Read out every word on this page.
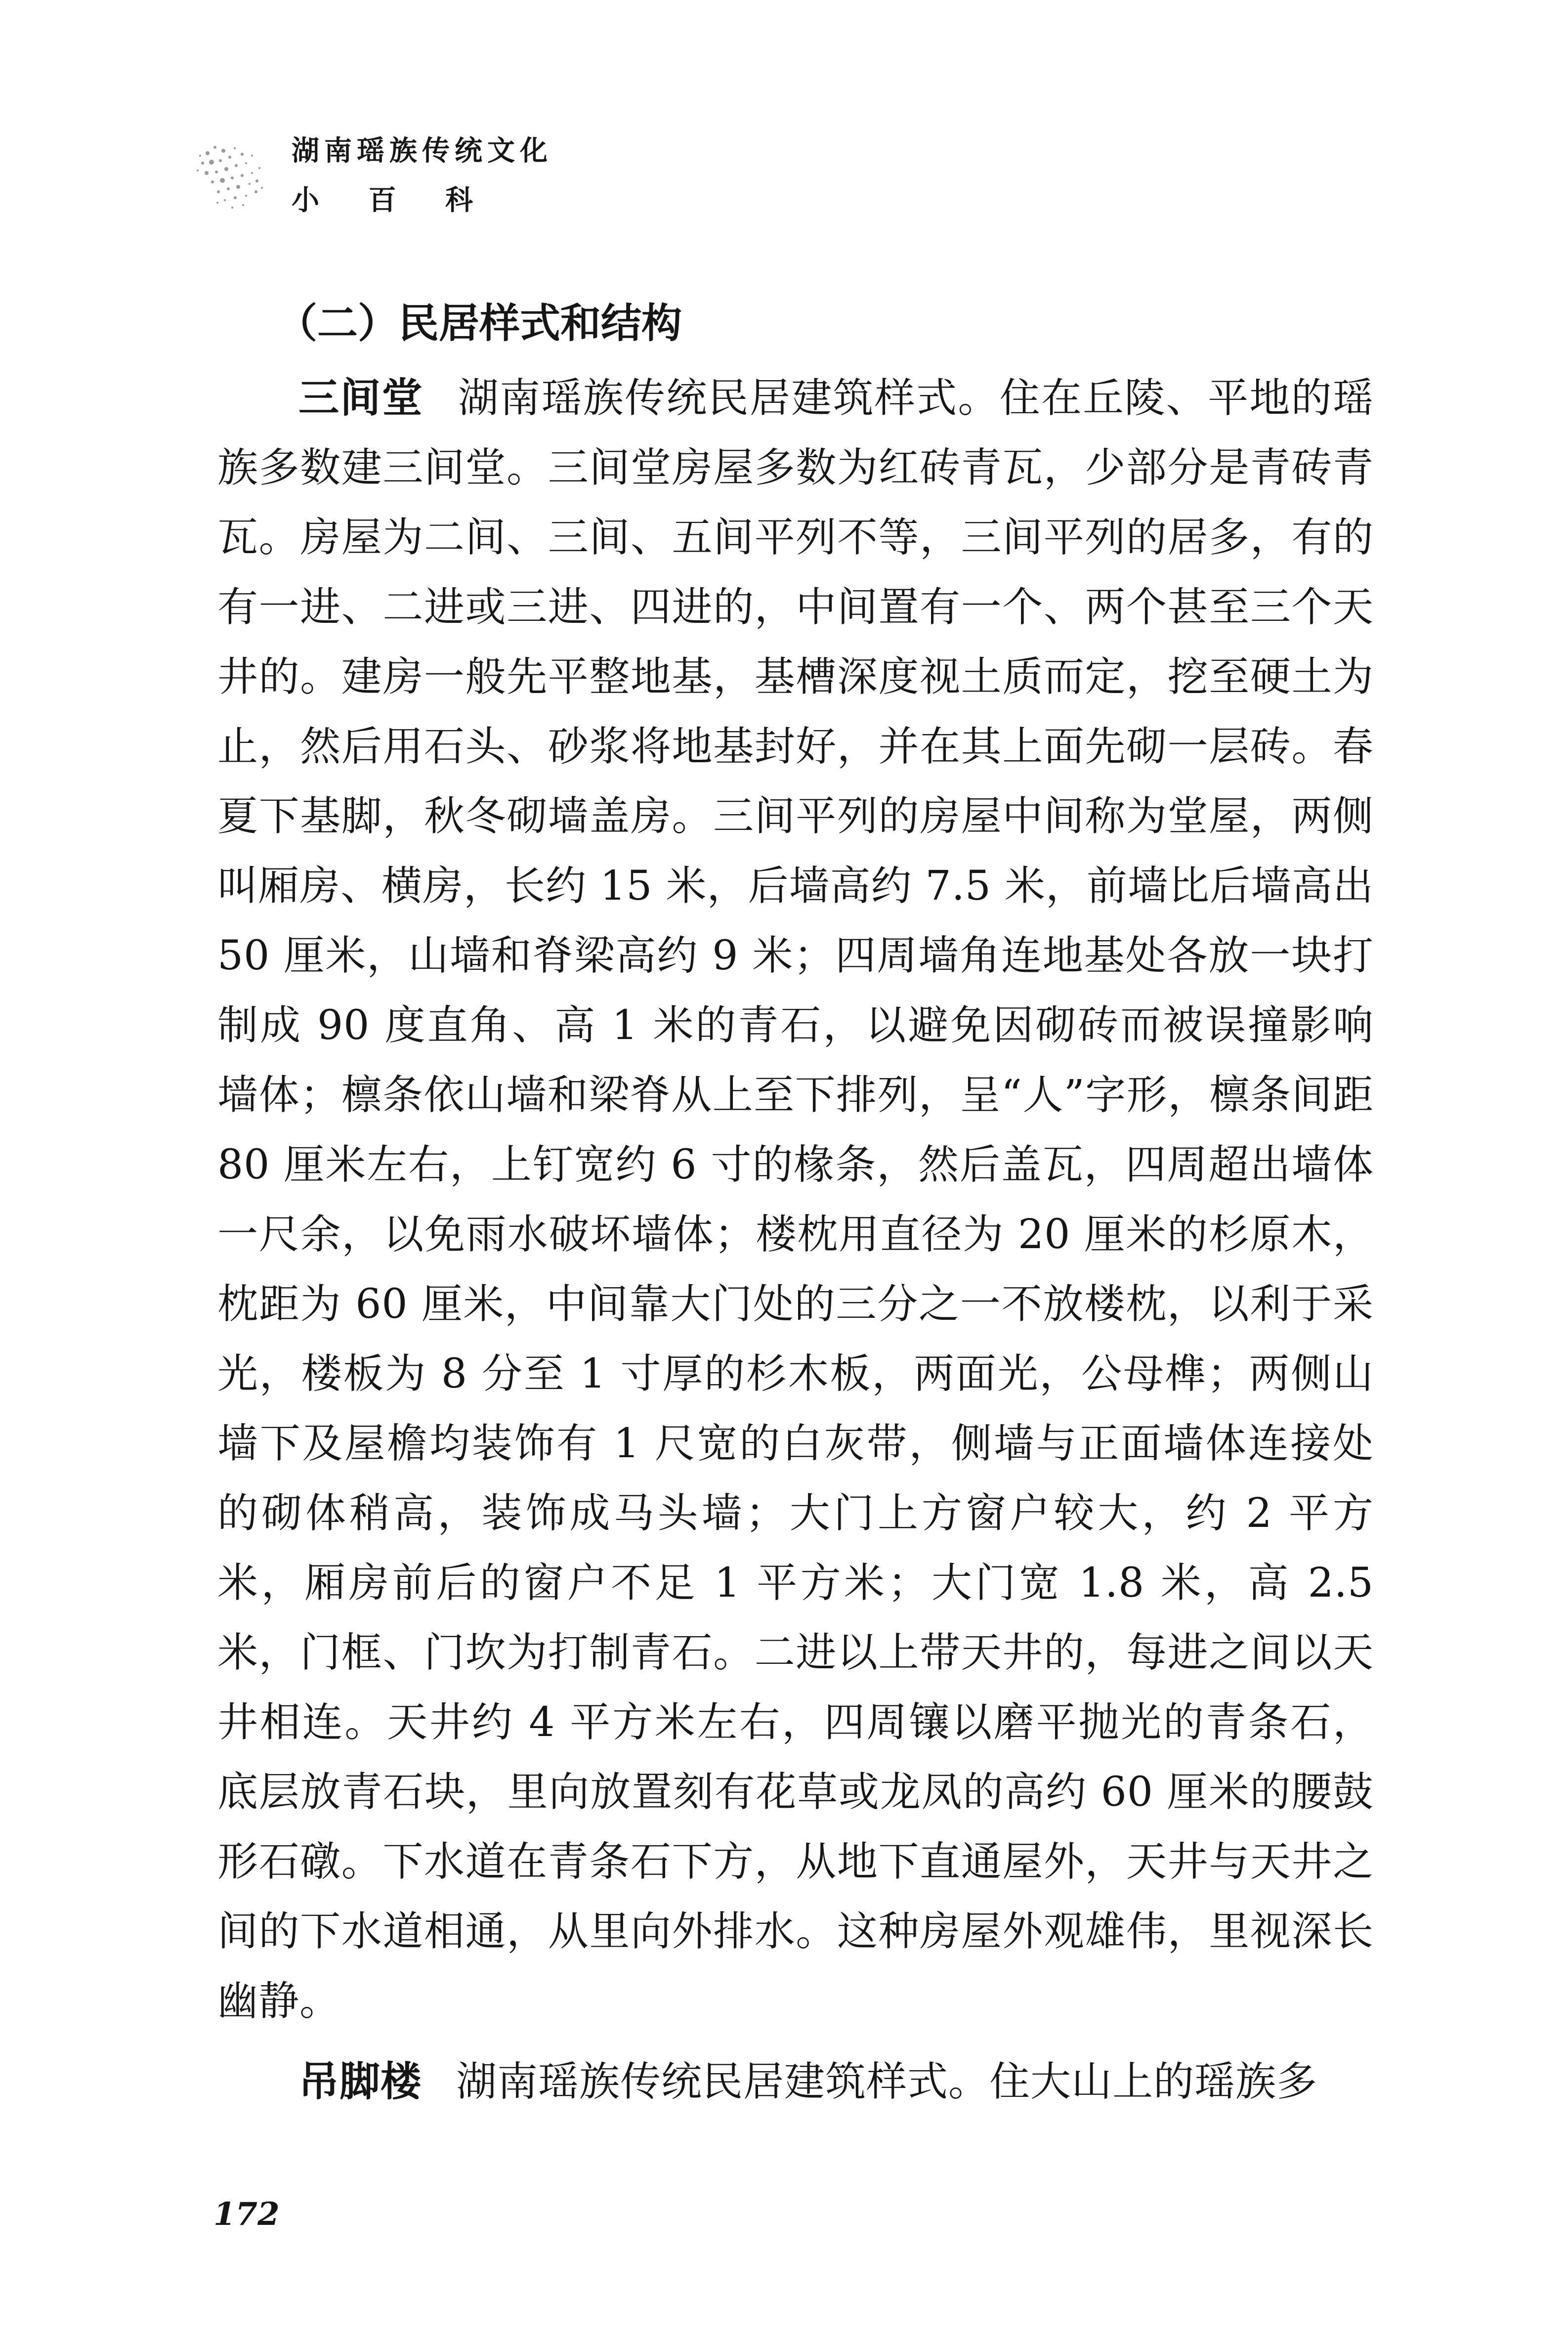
湖南瑶族传统文化
小 百 科
（二）民居样式和结构

三间堂 湖南瑶族传统民居建筑样式。住在丘陵、平地的瑶族多数建三间堂。三间堂房屋多数为红砖青瓦，少部分是青砖青瓦。房屋为二间、三间、五间平列不等，三间平列的居多，有的有一进、二进或三进、四进的，中间置有一个、两个甚至三个天井的。建房一般先平整地基，基槽深度视土质而定，挖至硬土为止，然后用石头、砂浆将地基封好，并在其上面先砌一层砖。春夏下基脚，秋冬砌墙盖房。三间平列的房屋中间称为堂屋，两侧叫厢房、横房，长约 15 米，后墙高约 7.5 米，前墙比后墙高出 50 厘米，山墙和脊梁高约 9 米；四周墙角连地基处各放一块打制成 90 度直角、高 1 米的青石，以避免因砌砖而被误撞影响墙体；檩条依山墙和梁脊从上至下排列，呈“人”字形，檩条间距 80 厘米左右，上钉宽约 6 寸的椽条，然后盖瓦，四周超出墙体一尺余，以免雨水破坏墙体；楼枕用直径为 20 厘米的杉原木，枕距为 60 厘米，中间靠大门处的三分之一不放楼枕，以利于采光，楼板为 8 分至 1 寸厚的杉木板，两面光，公母榫；两侧山墙下及屋檐均装饰有 1 尺宽的白灰带，侧墙与正面墙体连接处的砌体稍高，装饰成马头墙；大门上方窗户较大，约 2 平方米，厢房前后的窗户不足 1 平方米；大门宽 1.8 米，高 2.5 米，门框、门坎为打制青石。二进以上带天井的，每进之间以天井相连。天井约 4 平方米左右，四周镶以磨平抛光的青条石，底层放青石块，里向放置刻有花草或龙凤的高约 60 厘米的腰鼓形石礅。下水道在青条石下方，从地下直通屋外，天井与天井之间的下水道相通，从里向外排水。这种房屋外观雄伟，里视深长幽静。

吊脚楼 湖南瑶族传统民居建筑样式。住大山上的瑶族多

172
